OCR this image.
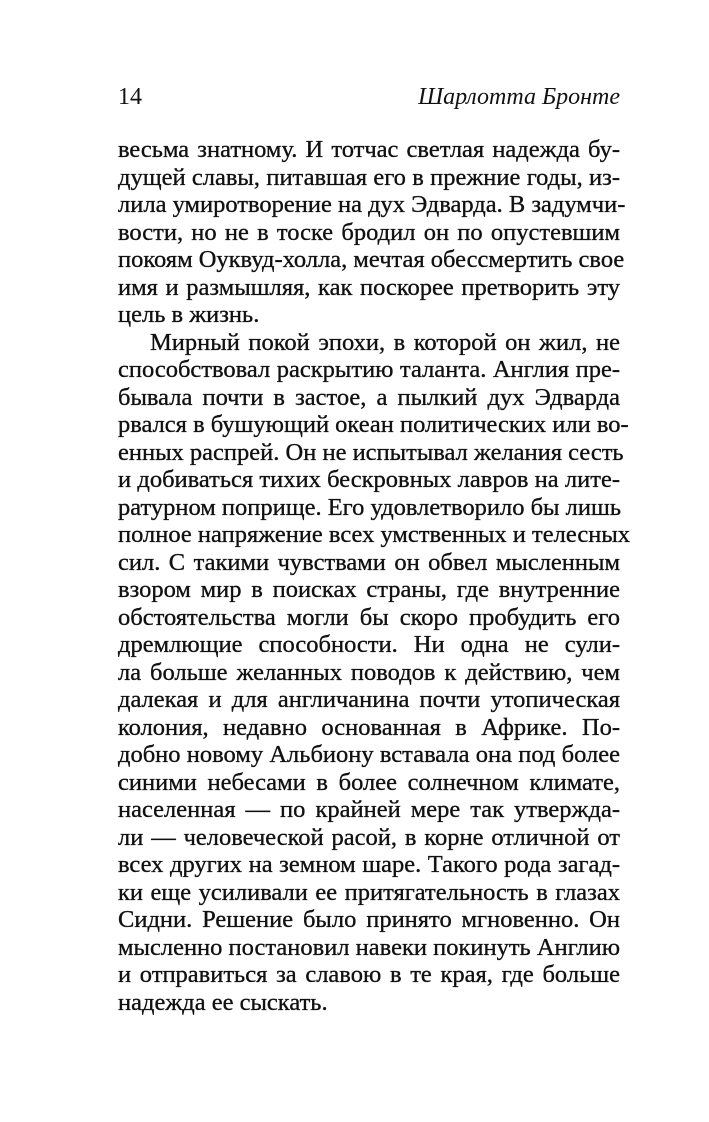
14	Шарлотта Бронте
весьма знатному. И тотчас светлая надежда бу-
дущей славы, питавшая его в прежние годы, из-
лила умиротворение на дух Эдварда. В задумчи-
вости, но не в тоске бродил он по опустевшим
покоям Оуквуд-холла, мечтая обессмертить свое
имя и размышляя, как поскорее претворить эту
цель в жизнь.
Мирный покой эпохи, в которой он жил, не
способствовал раскрытию таланта. Англия пре-
бывала почти в застое, а пылкий дух Эдварда
рвался в бушующий океан политических или во-
енных распрей. Он не испытывал желания сесть
и добиваться тихих бескровных лавров на лите-
ратурном поприще. Его удовлетворило бы лишь
полное напряжение всех умственных и телесных
сил. С такими чувствами он обвел мысленным
взором мир в поисках страны, где внутренние
обстоятельства могли бы скоро пробудить его
дремлющие способности. Ни одна не сули-
ла больше желанных поводов к действию, чем
далекая и для англичанина почти утопическая
колония, недавно основанная в Африке. По-
добно новому Альбиону вставала она под более
синими небесами в более солнечном климате,
населенная — по крайней мере так утвержда-
ли — человеческой расой, в корне отличной от
всех других на земном шаре. Такого рода загад-
ки еще усиливали ее притягательность в глазах
Сидни. Решение было принято мгновенно. Он
мысленно постановил навеки покинуть Англию
и отправиться за славою в те края, где больше
надежда ее сыскать.
